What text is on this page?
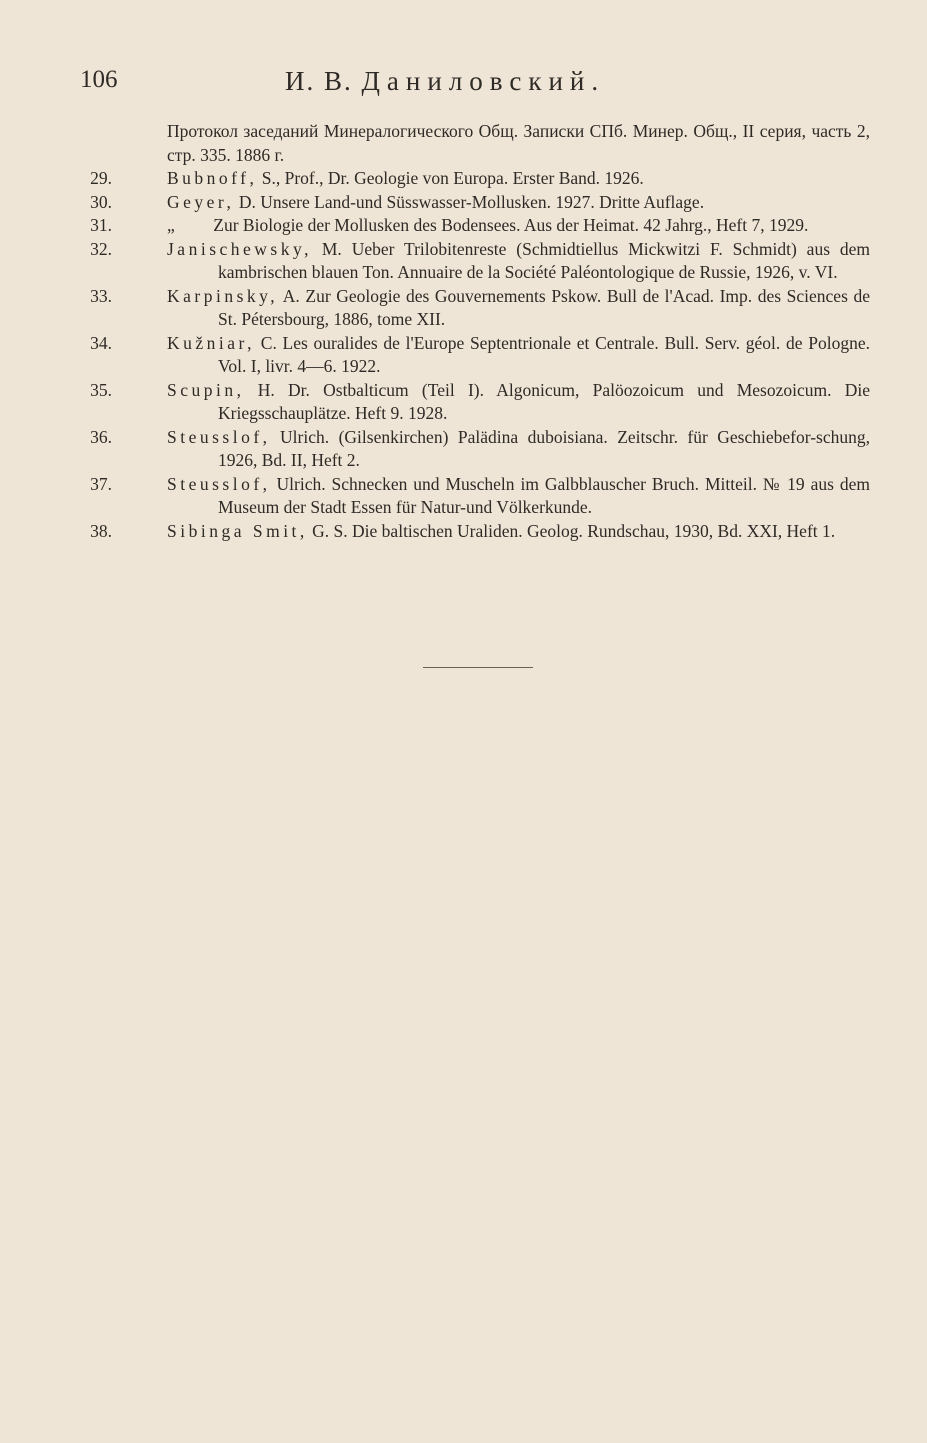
106	И. В. Даниловский.
Протокол заседаний Минералогического Общ. Записки СПб. Минер. Общ., II серия, часть 2, стр. 335. 1886 г.
29.	Bubnoff, S., Prof., Dr. Geologie von Europa. Erster Band. 1926.
30.	Geyer, D. Unsere Land-und Süsswasser-Mollusken. 1927. Dritte Auflage.
31.	„ Zur Biologie der Mollusken des Bodensees. Aus der Heimat. 42 Jahrg., Heft 7, 1929.
32.	Janischewsky, M. Ueber Trilobitenreste (Schmidtiellus Mickwitzi F. Schmidt) aus dem kambrischen blauen Ton. Annuaire de la Société Paléontologique de Russie, 1926, v. VI.
33.	Karpinsky, A. Zur Geologie des Gouvernements Pskow. Bull de l'Acad. Imp. des Sciences de St. Pétersbourg, 1886, tome XII.
34.	Kužniar, C. Les ouralides de l'Europe Septentrionale et Centrale. Bull. Serv. géol. de Pologne. Vol. I, livr. 4—6. 1922.
35.	Scupin, H. Dr. Ostbalticum (Teil I). Algonicum, Palöozoicum und Mesozoicum. Die Kriegsschauplätze. Heft 9. 1928.
36.	Steusslof, Ulrich. (Gilsenkirchen) Palädina duboisiana. Zeitschr. für Geschiebefor-schung, 1926, Bd. II, Heft 2.
37.	Steusslof, Ulrich. Schnecken und Muscheln im Galbblauscher Bruch. Mitteil. № 19 aus dem Museum der Stadt Essen für Natur-und Völkerkunde.
38.	Sibinga Smit, G. S. Die baltischen Uraliden. Geolog. Rundschau, 1930, Bd. XXI, Heft 1.
